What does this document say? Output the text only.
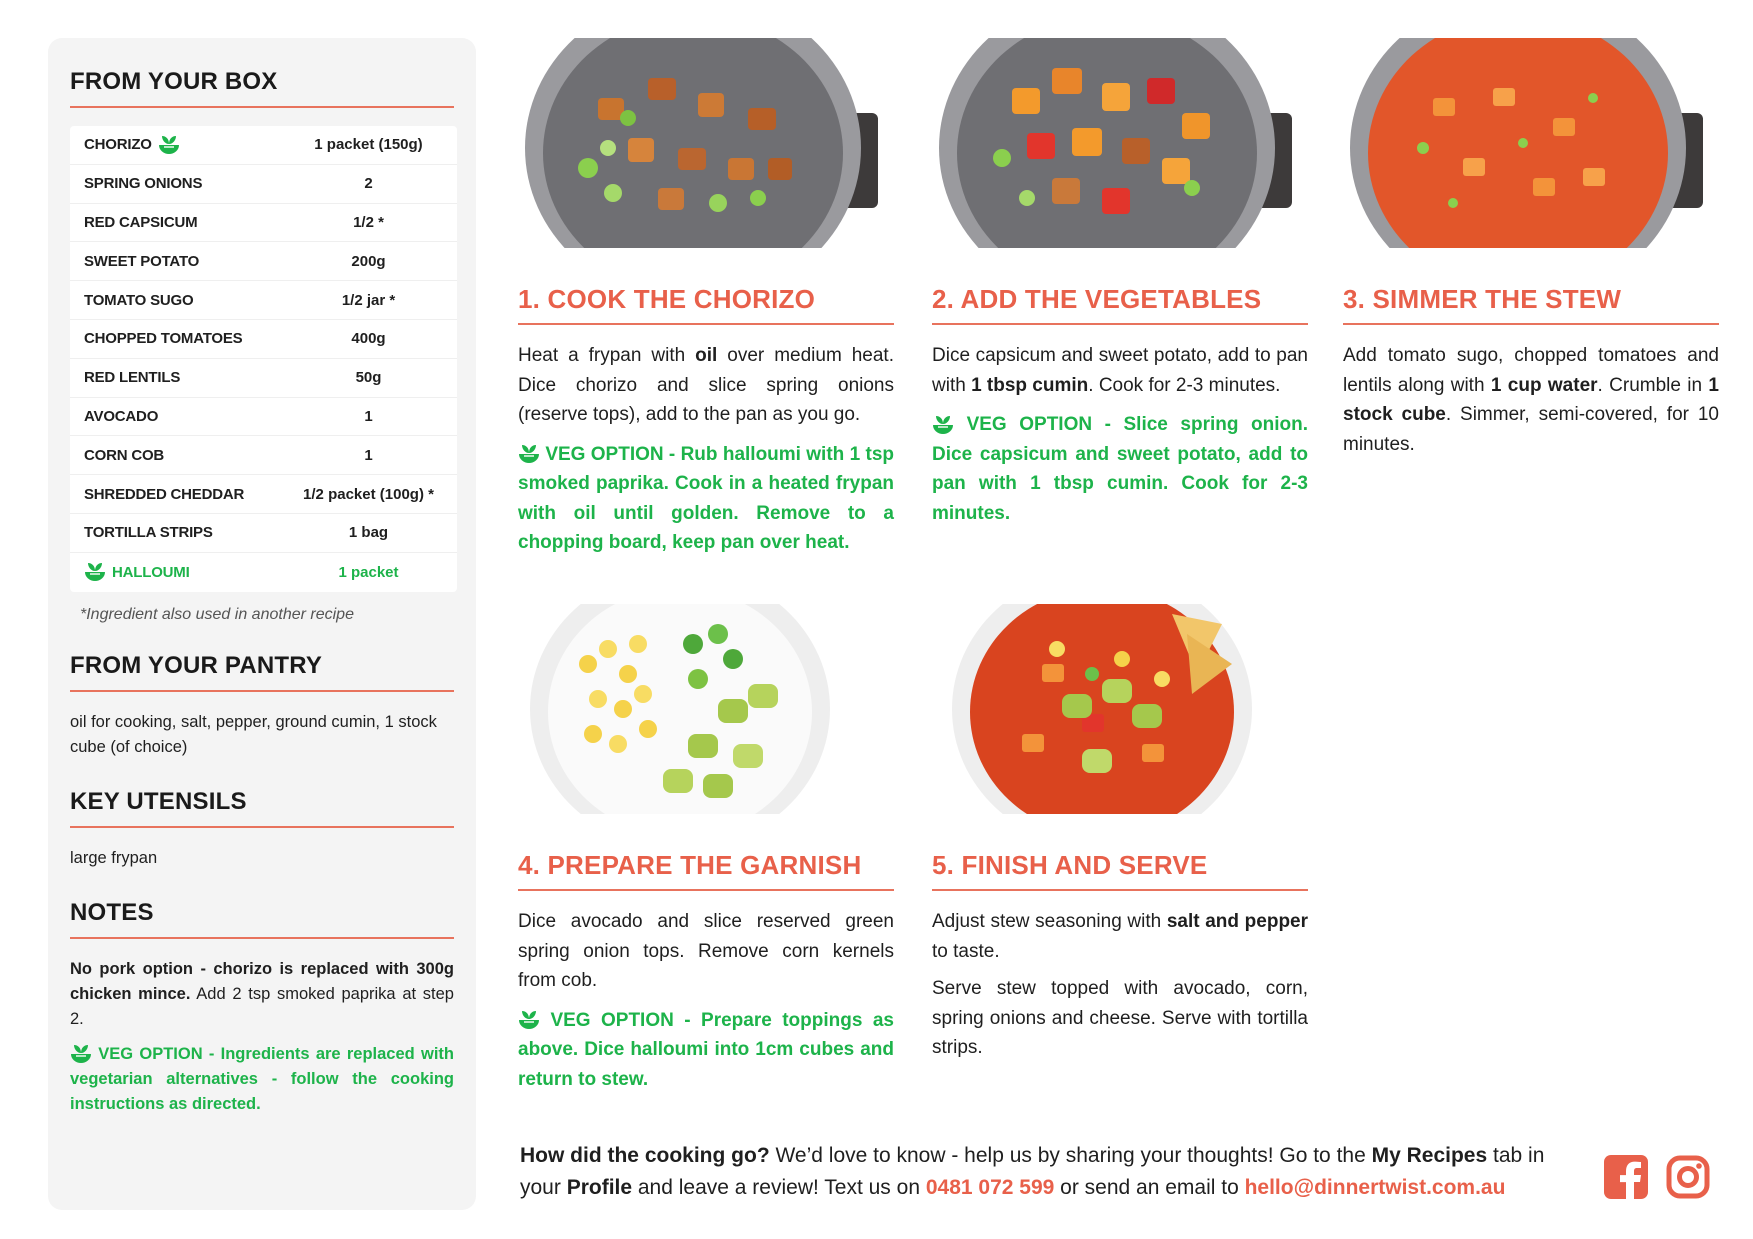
FROM YOUR BOX
CHORIZO	1 packet (150g)
SPRING ONIONS	2
RED CAPSICUM	1/2 *
SWEET POTATO	200g
TOMATO SUGO	1/2 jar *
CHOPPED TOMATOES	400g
RED LENTILS	50g
AVOCADO	1
CORN COB	1
SHREDDED CHEDDAR	1/2 packet (100g) *
TORTILLA STRIPS	1 bag
HALLOUMI	1 packet
*Ingredient also used in another recipe
FROM YOUR PANTRY
oil for cooking, salt, pepper, ground cumin, 1 stock cube (of choice)
KEY UTENSILS
large frypan
NOTES
No pork option - chorizo is replaced with 300g chicken mince. Add 2 tsp smoked paprika at step 2.
VEG OPTION - Ingredients are replaced with vegetarian alternatives - follow the cooking instructions as directed.
1. COOK THE CHORIZO
Heat a frypan with oil over medium heat. Dice chorizo and slice spring onions (reserve tops), add to the pan as you go.
VEG OPTION - Rub halloumi with 1 tsp smoked paprika. Cook in a heated frypan with oil until golden. Remove to a chopping board, keep pan over heat.
2. ADD THE VEGETABLES
Dice capsicum and sweet potato, add to pan with 1 tbsp cumin. Cook for 2-3 minutes.
VEG OPTION - Slice spring onion. Dice capsicum and sweet potato, add to pan with 1 tbsp cumin. Cook for 2-3 minutes.
3. SIMMER THE STEW
Add tomato sugo, chopped tomatoes and lentils along with 1 cup water. Crumble in 1 stock cube. Simmer, semi-covered, for 10 minutes.
4. PREPARE THE GARNISH
Dice avocado and slice reserved green spring onion tops. Remove corn kernels from cob.
VEG OPTION - Prepare toppings as above. Dice halloumi into 1cm cubes and return to stew.
5. FINISH AND SERVE
Adjust stew seasoning with salt and pepper to taste.
Serve stew topped with avocado, corn, spring onions and cheese. Serve with tortilla strips.
How did the cooking go? We’d love to know - help us by sharing your thoughts! Go to the My Recipes tab in your Profile and leave a review! Text us on 0481 072 599 or send an email to hello@dinnertwist.com.au
